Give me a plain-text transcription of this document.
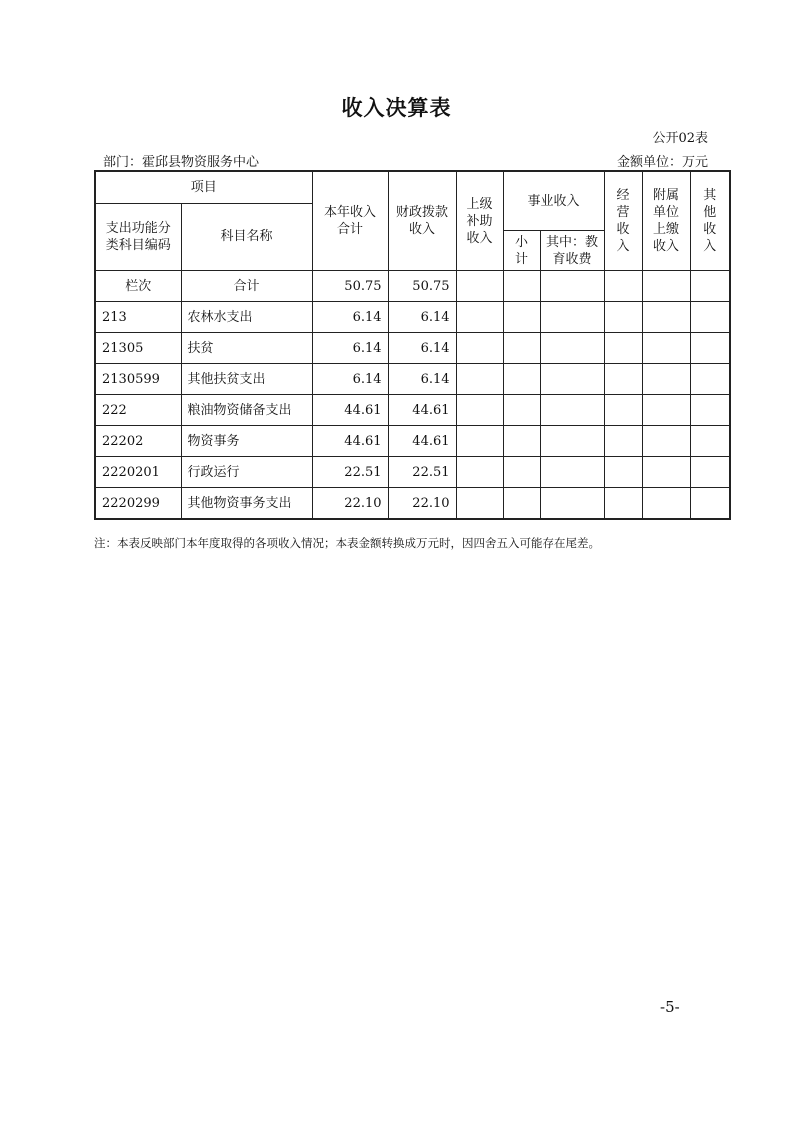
收入决算表
公开02表
部门：霍邱县物资服务中心	金额单位：万元
项目		本年收入合计	财政拨款收入	上级补助收入	事业收入		经营收入	附属单位上缴收入	其他收入

支出功能分类科目编码	科目名称								

					小计	其中：教育收费			

栏次	合计	50.75	50.75						
213	农林水支出	6.14	6.14						
21305	扶贫	6.14	6.14						
2130599	其他扶贫支出	6.14	6.14						
222	粮油物资储备支出	44.61	44.61						
22202	物资事务	44.61	44.61						
2220201	行政运行	22.51	22.51						
2220299	其他物资事务支出	22.10	22.10						
注：本表反映部门本年度取得的各项收入情况；本表金额转换成万元时，因四舍五入可能存在尾差。
-5-
